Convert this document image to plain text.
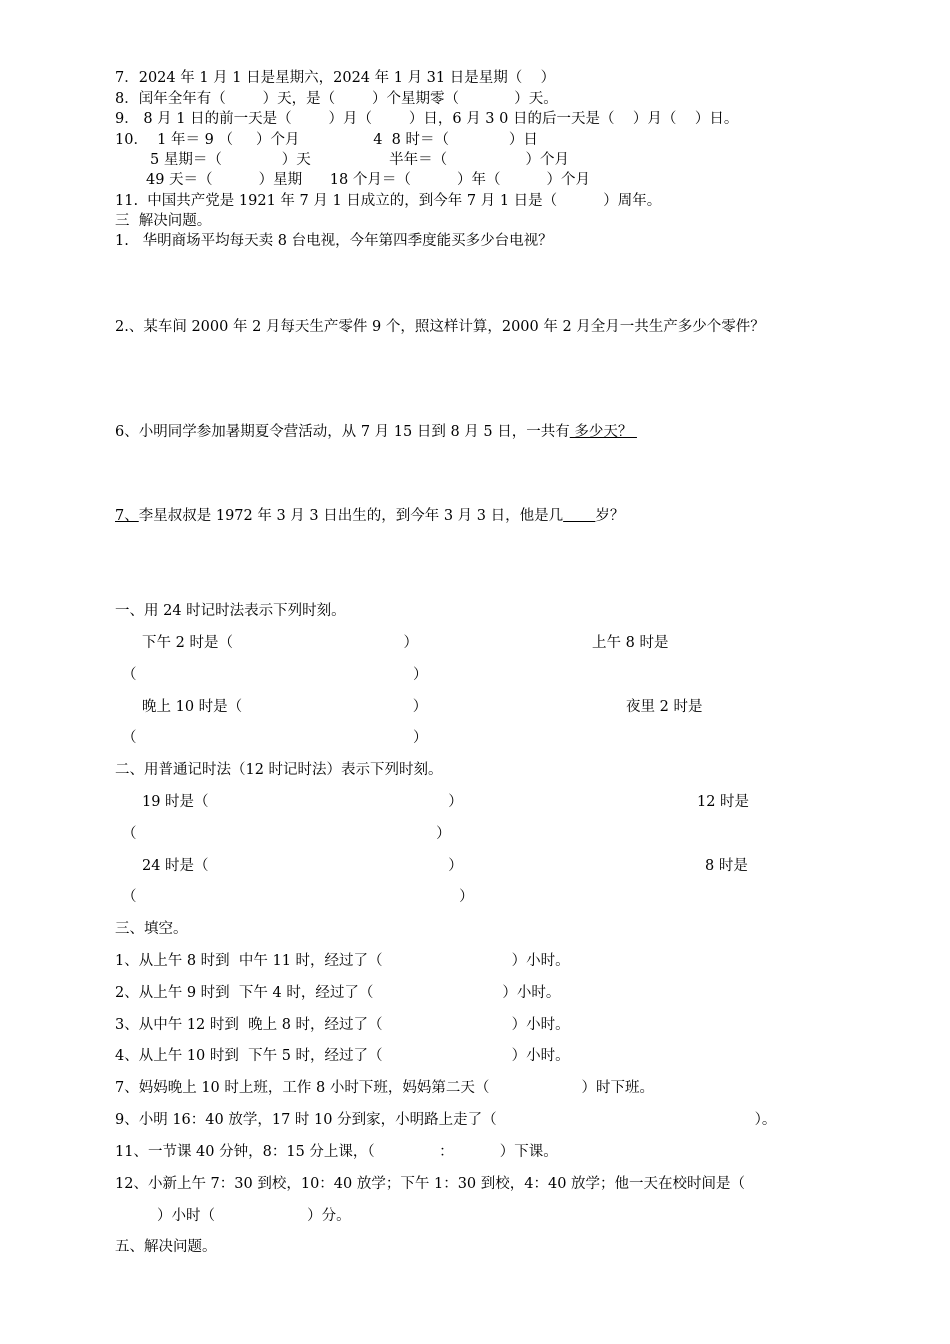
7．2024 年 1 月 1 日是星期六，2024 年 1 月 31 日是星期（    ）
8．闰年全年有（        ）天，是（        ）个星期零（            ）天。
9． 8 月 1 日的前一天是（        ）月（        ）日，6 月 3 0 日的后一天是（    ）月（    ）日。
10．  1 年＝ 9 （     ）个月                4  8 时＝（             ）日
5 星期＝（             ）天                 半年＝（                 ）个月
49 天＝（          ）星期      18 个月＝（          ）年（          ）个月
11.  中国共产党是 1921 年 7 月 1 日成立的，到今年 7 月 1 日是（          ）周年。
三  解决问题。
1.   华明商场平均每天卖 8 台电视，今年第四季度能买多少台电视？
2.、某车间 2000 年 2 月每天生产零件 9 个，照这样计算，2000 年 2 月全月一共生产多少个零件？
6、小明同学参加暑期夏令营活动，从 7 月 15 日到 8 月 5 日，一共有 多少天？
7、李星叔叔是 1972 年 3 月 3 日出生的，到今年 3 月 3 日，他是几 岁？
一、用 24 时记时法表示下列时刻。
下午 2 时是（                                     ）	上午 8 时是
（                                                            ）
晚上 10 时是（                                     ）	夜里 2 时是
（                                                            ）
二、用普通记时法（12 时记时法）表示下列时刻。
19 时是（                                                    ）	12 时是
（                                                                 ）
24 时是（                                                    ）	8 时是
（                                                                      ）
三、填空。
1、从上午 8 时到  中午 11 时，经过了（                            ）小时。
2、从上午 9 时到  下午 4 时，经过了（                            ）小时。
3、从中午 12 时到  晚上 8 时，经过了（                            ）小时。
4、从上午 10 时到  下午 5 时，经过了（                            ）小时。
7、妈妈晚上 10 时上班，工作 8 小时下班，妈妈第二天（                    ）时下班。
9、小明 16：40 放学，17 时 10 分到家，小明路上走了（                                                        ）。
11、一节课 40 分钟，8：15 分上课，（              ：          ）下课。
12、小新上午 7：30 到校，10：40 放学；下午 1：30 到校，4：40 放学；他一天在校时间是（
）小时（                    ）分。
五、解决问题。
